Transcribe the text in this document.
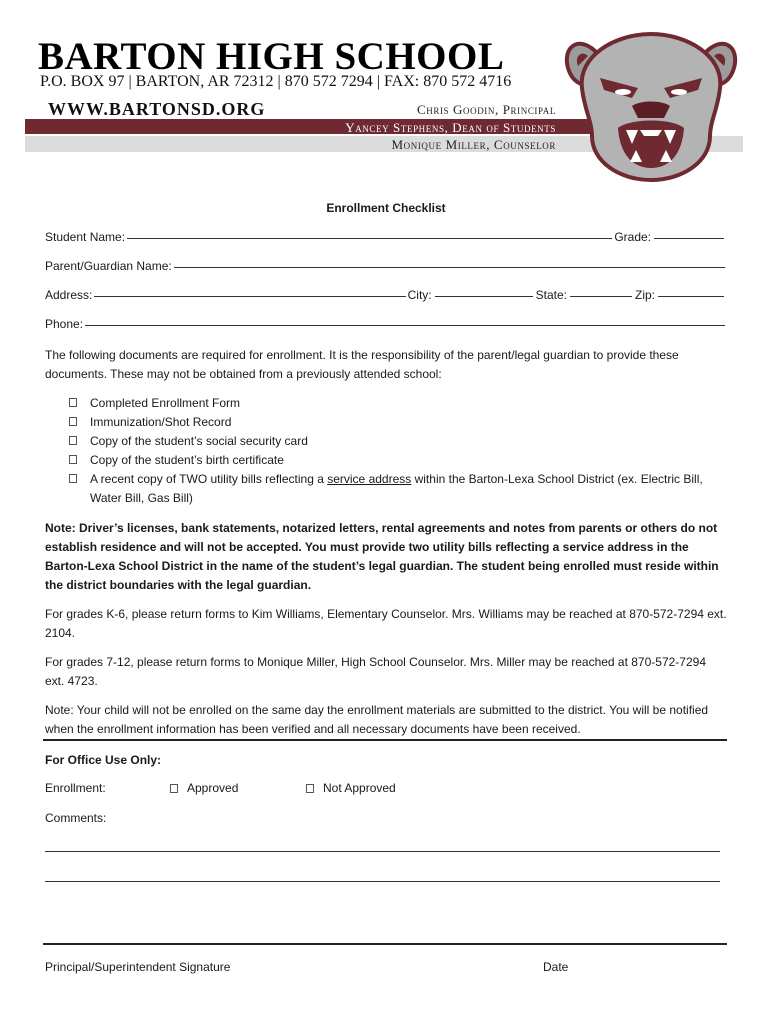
BARTON HIGH SCHOOL
P.O. BOX 97 | BARTON, AR 72312 | 870 572 7294 | FAX: 870 572 4716
WWW.BARTONSD.ORG	Chris Goodin, Principal
Yancey Stephens, Dean of Students
Monique Miller, Counselor
Enrollment Checklist
Student Name:	Grade:
Parent/Guardian Name:
Address:	City:	State:	Zip:
Phone:

The following documents are required for enrollment. It is the responsibility of the parent/legal guardian to provide these documents. These may not be obtained from a previously attended school:

Completed Enrollment Form
Immunization/Shot Record
Copy of the student’s social security card
Copy of the student’s birth certificate
A recent copy of TWO utility bills reflecting a service address within the Barton-Lexa School District (ex. Electric Bill, Water Bill, Gas Bill)

Note: Driver’s licenses, bank statements, notarized letters, rental agreements and notes from parents or others do not establish residence and will not be accepted. You must provide two utility bills reflecting a service address in the Barton-Lexa School District in the name of the student’s legal guardian. The student being enrolled must reside within the district boundaries with the legal guardian.

For grades K-6, please return forms to Kim Williams, Elementary Counselor. Mrs. Williams may be reached at 870-572-7294 ext. 2104.

For grades 7-12, please return forms to Monique Miller, High School Counselor. Mrs. Miller may be reached at 870-572-7294 ext. 4723.

Note: Your child will not be enrolled on the same day the enrollment materials are submitted to the district. You will be notified when the enrollment information has been verified and all necessary documents have been received.

For Office Use Only:
Enrollment:	Approved	Not Approved
Comments:
Principal/Superintendent Signature	Date
